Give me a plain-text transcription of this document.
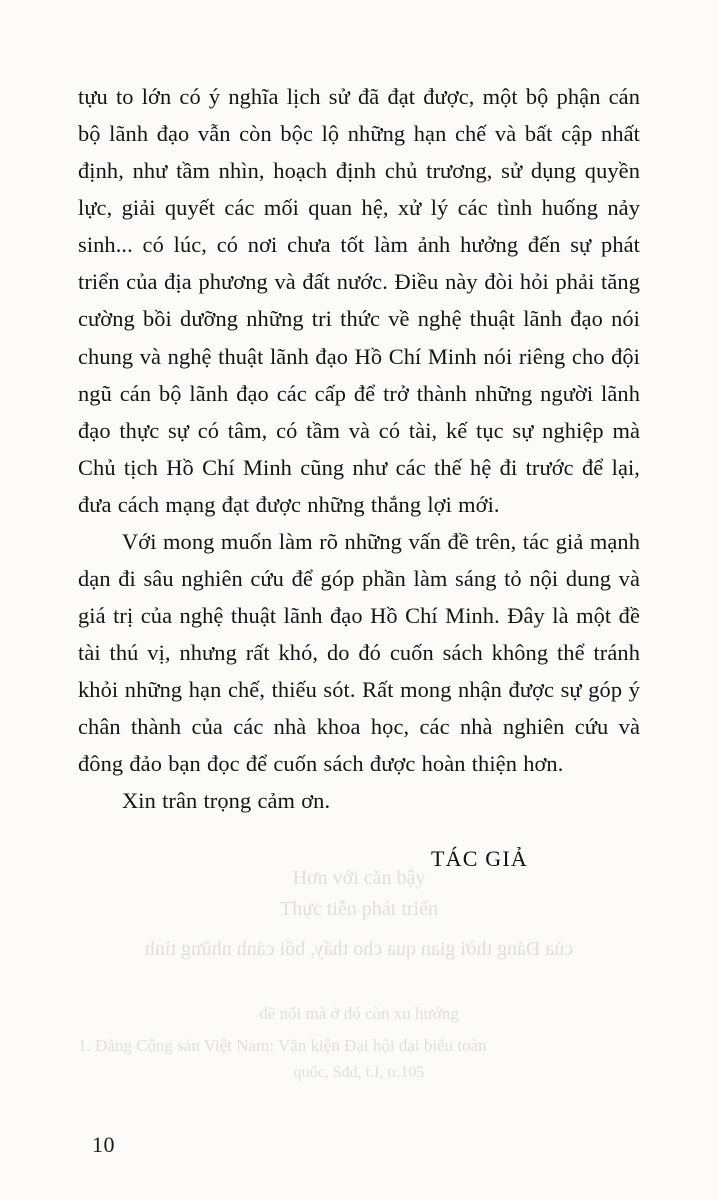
tựu to lớn có ý nghĩa lịch sử đã đạt được, một bộ phận cán bộ lãnh đạo vẫn còn bộc lộ những hạn chế và bất cập nhất định, như tầm nhìn, hoạch định chủ trương, sử dụng quyền lực, giải quyết các mối quan hệ, xử lý các tình huống nảy sinh... có lúc, có nơi chưa tốt làm ảnh hưởng đến sự phát triển của địa phương và đất nước. Điều này đòi hỏi phải tăng cường bồi dưỡng những tri thức về nghệ thuật lãnh đạo nói chung và nghệ thuật lãnh đạo Hồ Chí Minh nói riêng cho đội ngũ cán bộ lãnh đạo các cấp để trở thành những người lãnh đạo thực sự có tâm, có tầm và có tài, kế tục sự nghiệp mà Chủ tịch Hồ Chí Minh cũng như các thế hệ đi trước để lại, đưa cách mạng đạt được những thắng lợi mới.

Với mong muốn làm rõ những vấn đề trên, tác giả mạnh dạn đi sâu nghiên cứu để góp phần làm sáng tỏ nội dung và giá trị của nghệ thuật lãnh đạo Hồ Chí Minh. Đây là một đề tài thú vị, nhưng rất khó, do đó cuốn sách không thể tránh khỏi những hạn chế, thiếu sót. Rất mong nhận được sự góp ý chân thành của các nhà khoa học, các nhà nghiên cứu và đông đảo bạn đọc để cuốn sách được hoàn thiện hơn.

Xin trân trọng cảm ơn.

TÁC GIẢ
Hơn với căn bậy
Thực tiễn phát triển
của Đảng thời gian qua cho thấy, bối cảnh những tình
đề nổi mà ở đó còn xu hướng
1. Đảng Cộng sản Việt Nam: Văn kiện Đại hội đại biểu toàn
quốc, Sđd, t.I, tr.105
10
